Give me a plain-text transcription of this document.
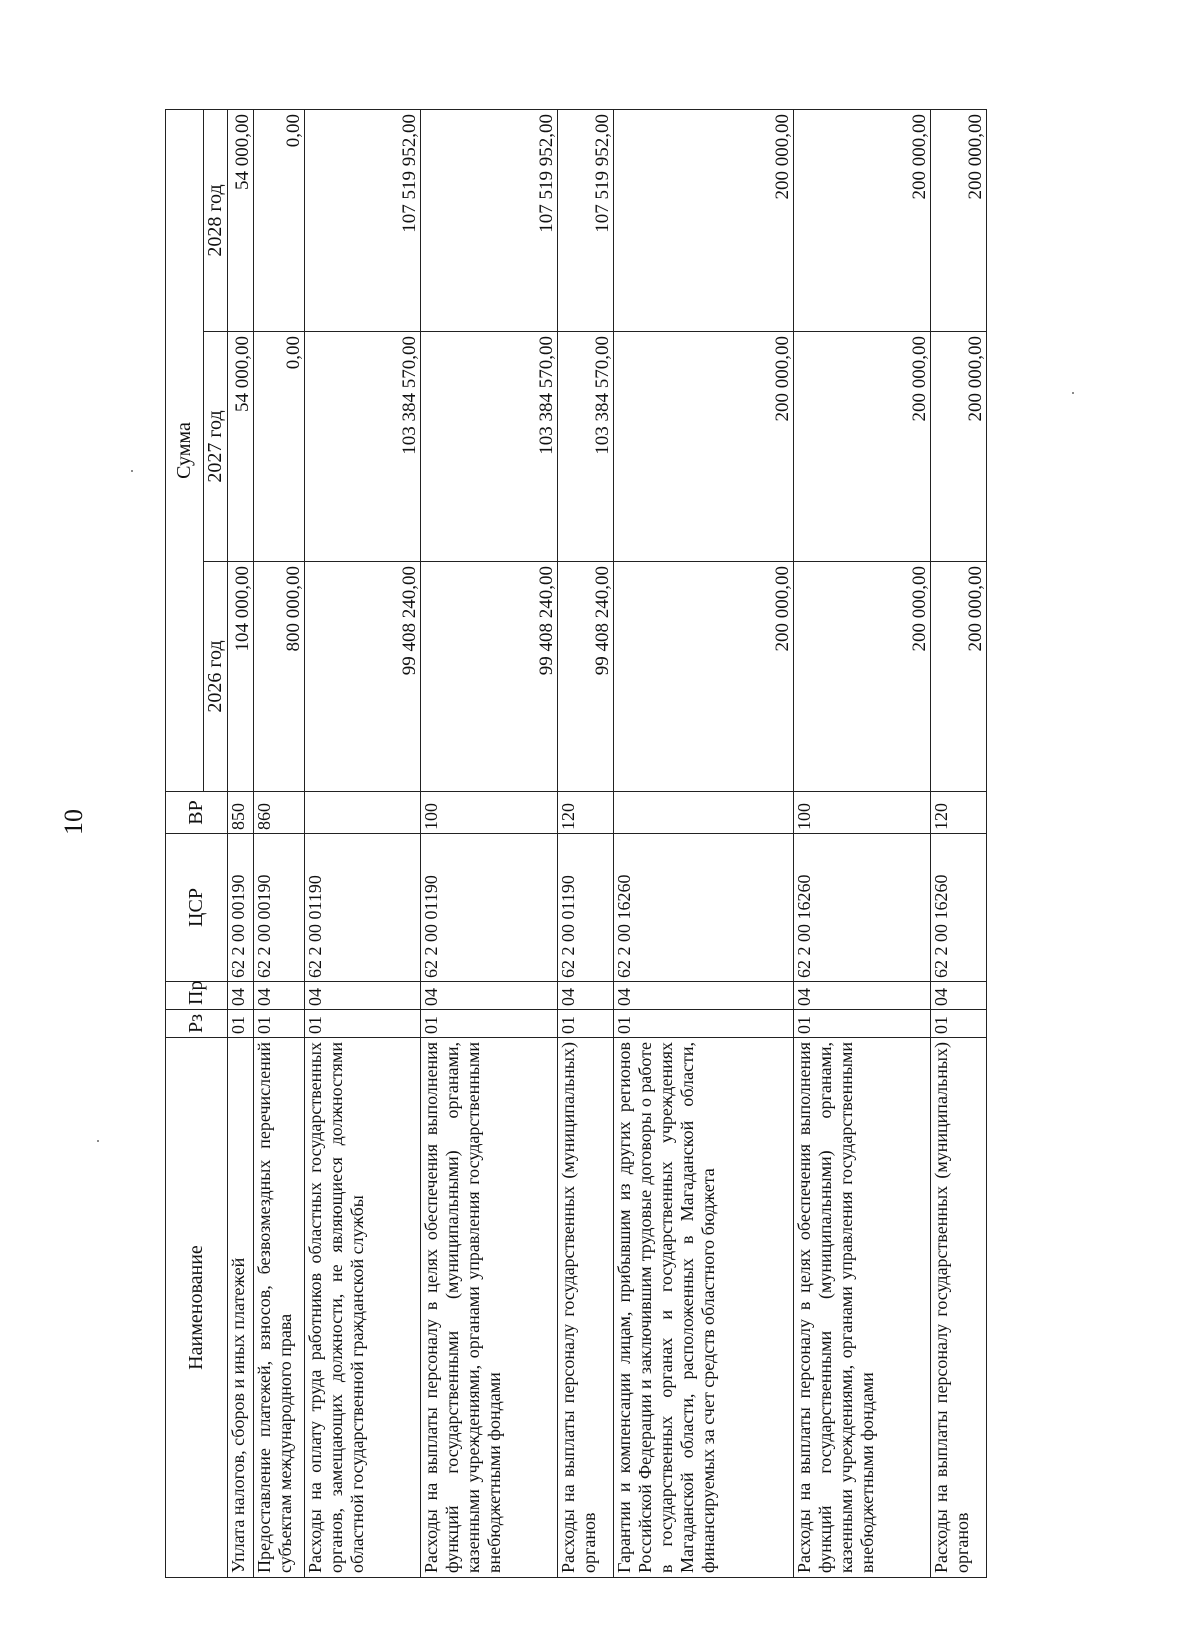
10
Наименование	Рз	Пр	ЦСР	ВР	Сумма		
					2026 год	2027 год	2028 год
Уплата налогов, сборов и иных платежей	01	04	62 2 00 00190	850	104 000,00	54 000,00	54 000,00
Предоставление платежей, взносов, безвозмездных перечислений субъектам международного права	01	04	62 2 00 00190	860	800 000,00	0,00	0,00
Расходы на оплату труда работников областных государственных органов, замещающих должности, не являющиеся должностями областной государственной гражданской службы	01	04	62 2 00 01190		99 408 240,00	103 384 570,00	107 519 952,00
Расходы на выплаты персоналу в целях обеспечения выполнения функций государственными (муниципальными) органами, казенными учреждениями, органами управления государственными внебюджетными фондами	01	04	62 2 00 01190	100	99 408 240,00	103 384 570,00	107 519 952,00
Расходы на выплаты персоналу государственных (муниципальных) органов	01	04	62 2 00 01190	120	99 408 240,00	103 384 570,00	107 519 952,00
Гарантии и компенсации лицам, прибывшим из других регионов Российской Федерации и заключившим трудовые договоры о работе в государственных органах и государственных учреждениях Магаданской области, расположенных в Магаданской области, финансируемых за счет средств областного бюджета	01	04	62 2 00 16260		200 000,00	200 000,00	200 000,00
Расходы на выплаты персоналу в целях обеспечения выполнения функций государственными (муниципальными) органами, казенными учреждениями, органами управления государственными внебюджетными фондами	01	04	62 2 00 16260	100	200 000,00	200 000,00	200 000,00
Расходы на выплаты персоналу государственных (муниципальных) органов	01	04	62 2 00 16260	120	200 000,00	200 000,00	200 000,00
